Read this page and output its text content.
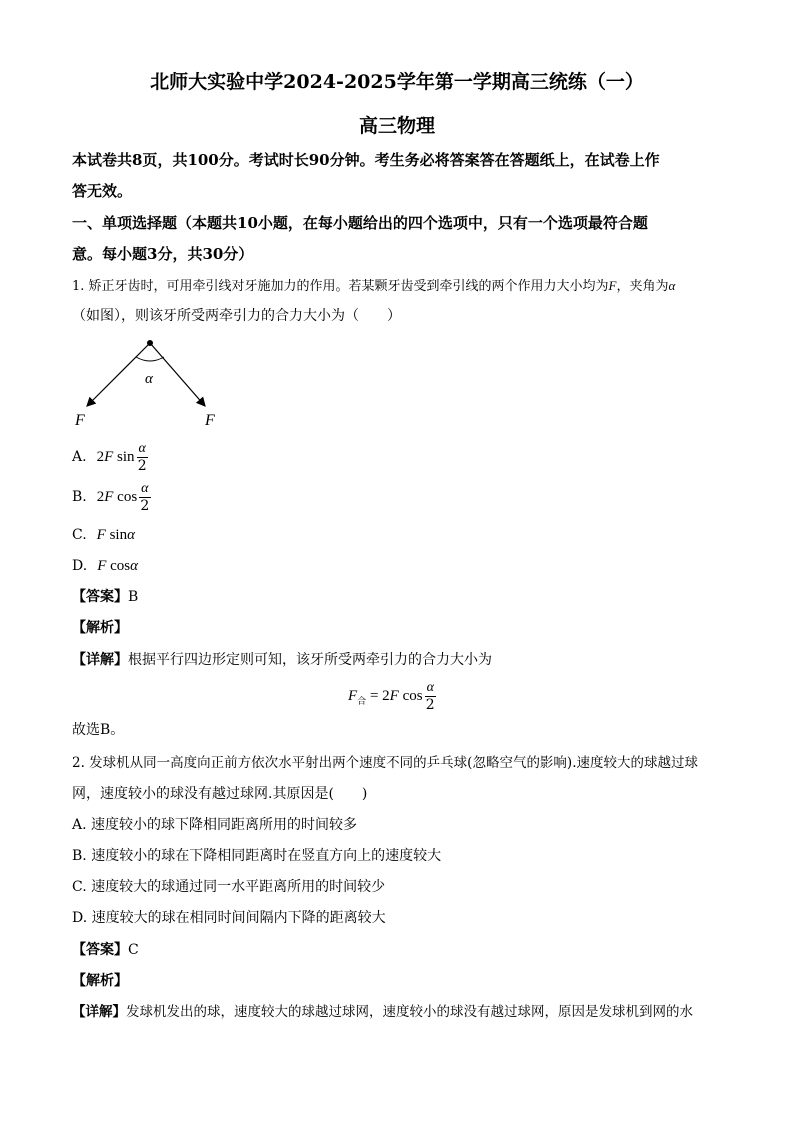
北师大实验中学2024-2025学年第一学期高三统练（一）
高三物理
本试卷共8页，共100分。考试时长90分钟。考生务必将答案答在答题纸上，在试卷上作
答无效。
一、单项选择题（本题共10小题，在每小题给出的四个选项中，只有一个选项最符合题
意。每小题3分，共30分）
1. 矫正牙齿时，可用牵引线对牙施加力的作用。若某颗牙齿受到牵引线的两个作用力大小均为F，夹角为α
（如图），则该牙所受两牵引力的合力大小为（　　）
α
F	F
A. 2F $\sin \frac{\alpha}{2}$
B. 2F $\cos \frac{\alpha}{2}$
C. F sinα
D. F cosα
【答案】B
【解析】
【详解】根据平行四边形定则可知，该牙所受两牵引力的合力大小为
$F_合 = 2F$ $\cos \frac{\alpha}{2}$
故选B。
2. 发球机从同一高度向正前方依次水平射出两个速度不同的乒乓球(忽略空气的影响).速度较大的球越过球
网，速度较小的球没有越过球网.其原因是(　　)
A. 速度较小的球下降相同距离所用的时间较多
B. 速度较小的球在下降相同距离时在竖直方向上的速度较大
C. 速度较大的球通过同一水平距离所用的时间较少
D. 速度较大的球在相同时间间隔内下降的距离较大
【答案】C
【解析】
【详解】发球机发出的球，速度较大的球越过球网，速度较小的球没有越过球网，原因是发球机到网的水
